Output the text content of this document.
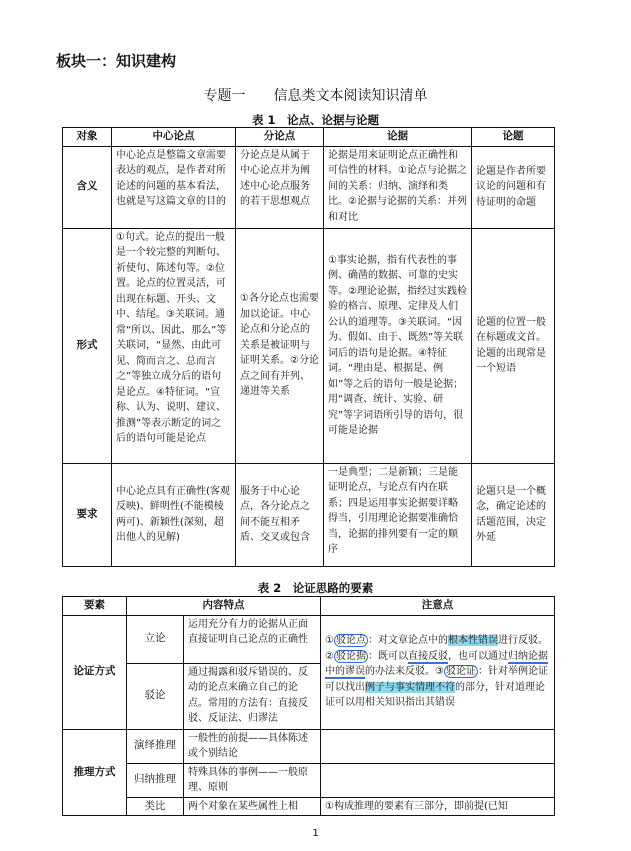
板块一：知识建构
专题一　　信息类文本阅读知识清单
表 1　论点、论据与论题
对象	中心论点	分论点	论据	论题
含义	中心论点是整篇文章需要表达的观点，是作者对所论述的问题的基本看法，也就是写这篇文章的目的	分论点是从属于中心论点并为阐述中心论点服务的若干思想观点	论据是用来证明论点正确性和可信性的材料。①论点与论据之间的关系：归纳、演绎和类比。②论据与论据的关系：并列和对比	论题是作者所要议论的问题和有待证明的命题
形式	①句式。论点的提出一般是一个较完整的判断句、祈使句、陈述句等。②位置。论点的位置灵活，可出现在标题、开头、文中、结尾。③关联词。通常“所以、因此、那么”等关联词，“显然、由此可见、简而言之、总而言之”等独立成分后的语句是论点。④特征词。“宣称、认为、说明、建议、推测”等表示断定的词之后的语句可能是论点	①各分论点也需要加以论证。中心论点和分论点的关系是被证明与证明关系。②分论点之间有并列、递进等关系	①事实论据，指有代表性的事例、确凿的数据、可靠的史实等。②理论论据，指经过实践检验的格言、原理、定律及人们公认的道理等。③关联词。“因为、假如、由于、既然”等关联词后的语句是论据。④特征词。“理由是、根据是、例如”等之后的语句一般是论据；用“调查、统计、实验、研究”等字词语所引导的语句，很可能是论据	论题的位置一般在标题或文首。论题的出现常是一个短语
要求	中心论点具有正确性(客观反映)、鲜明性(不能模棱两可)、新颖性(深刻，超出他人的见解)	服务于中心论点，各分论点之间不能互相矛盾、交叉或包含	一是典型；二是新颖；三是能证明论点，与论点有内在联系；四是运用事实论据要详略得当，引用理论论据要准确恰当，论据的排列要有一定的顺序	论题只是一个概念，确定论述的话题范围，决定外延
表 2　论证思路的要素
要素	内容特点		注意点
论证方式	立论	运用充分有力的论据从正面直接证明自己论点的正确性	① 驳论点 ：对文章论点中的根本性错误进行反驳。② 驳论据 ：既可以直接反驳，也可以通过归纳论据中的谬误的办法来反驳。③ 驳论证 ：针对举例论证可以找出例子与事实情理不符的部分，针对道理论证可以用相关知识指出其错误
	驳论	通过揭露和驳斥错误的、反动的论点来确立自己的论点。常用的方法有：直接反驳、反证法、归谬法	
推理方式	演绎推理	一般性的前提——具体陈述或个别结论	
	归纳推理	特殊具体的事例——一般原理、原则	
	类比	两个对象在某些属性上相	①构成推理的要素有三部分，即前提(已知
1
